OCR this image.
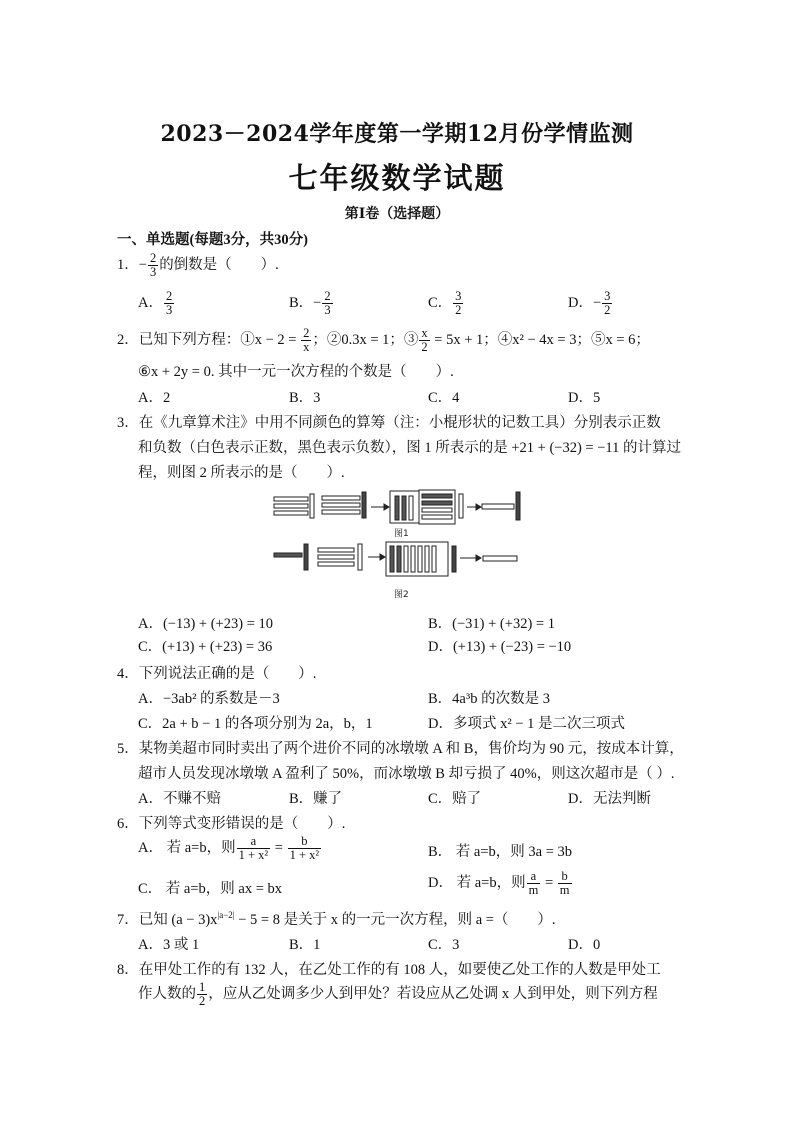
2023－2024学年度第一学期12月份学情监测
七年级数学试题
第Ⅰ卷（选择题）
一、单选题(每题3分，共30分)
1．− $\frac{2}{3}$ 的倒数是（　　）.
A． $\frac{2}{3}$	B．− $\frac{2}{3}$	C． $\frac{3}{2}$	D．− $\frac{3}{2}$
2．已知下列方程：①x − $2 = \frac{2}{x}$ ；②0.3x = 1；③ $\frac{x}{2} = 5x + 1$；④x² − 4x = 3；⑤x = 6；
⑥x + 2y = 0. 其中一元一次方程的个数是（　　）.
A．2	B．3	C．4	D．5
3．在《九章算术注》中用不同颜色的算筹（注：小棍形状的记数工具）分别表示正数
和负数（白色表示正数，黑色表示负数），图 1 所表示的是 +21 + (−32) = −11 的计算过
程，则图 2 所表示的是（　　）.
图1
图2
A．(−13) + (+23) = 10	B．(−31) + (+32) = 1
C．(+13) + (+23) = 36	D．(+13) + (−23) = −10
4．下列说法正确的是（　　）.
A．−3ab² 的系数是－3	B．4a³b 的次数是 3
C．2a + b − 1 的各项分别为 2a，b，1	D．多项式 x² − 1 是二次三项式
5．某物美超市同时卖出了两个进价不同的冰墩墩 A 和 B，售价均为 90 元，按成本计算，
超市人员发现冰墩墩 A 盈利了 50%，而冰墩墩 B 却亏损了 40%，则这次超市是（ ）.
A．不赚不赔	B．赚了	C．赔了	D．无法判断
6．下列等式变形错误的是（　　）.
A． 若 a=b，则 $\frac{a}{\text{1 + x²}} = \frac{b}{\text{1 + x²}}$	B． 若 a=b，则 3a = 3b
C． 若 a=b，则 ax = bx	D． 若 a=b，则 $\frac{a}{m} = \frac{b}{m}$
7．已知 $(a - 3)x^{|a-2|} - 5 = 8$ 是关于 x 的一元一次方程，则 a =（　　）.
A．3 或 1	B．1	C．3	D．0
8．在甲处工作的有 132 人，在乙处工作的有 108 人，如要使乙处工作的人数是甲处工
作人数的 $\frac{1}{2}$ ，应从乙处调多少人到甲处？若设应从乙处调 x 人到甲处，则下列方程
